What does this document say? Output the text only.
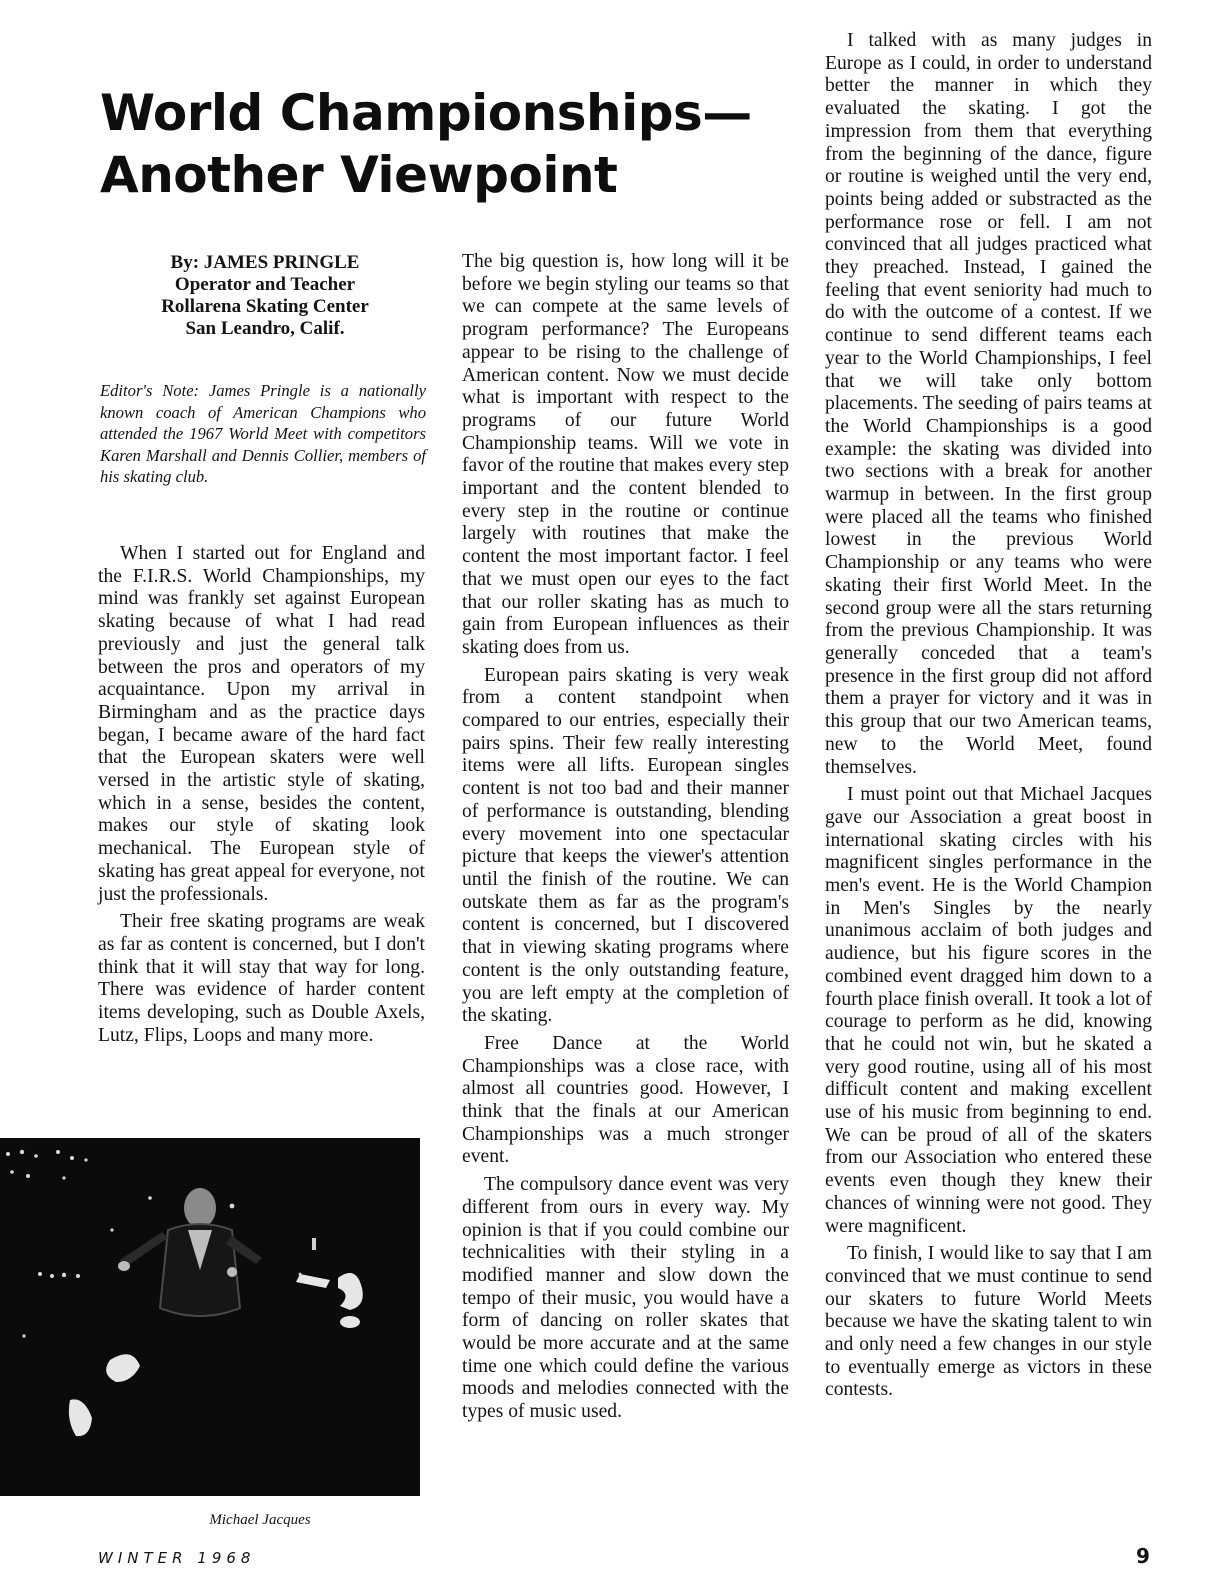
World Championships—
Another Viewpoint
By: JAMES PRINGLE
Operator and Teacher
Rollarena Skating Center
San Leandro, Calif.

Editor's Note: James Pringle is a nationally known coach of American Champions who attended the 1967 World Meet with competitors Karen Marshall and Dennis Collier, members of his skating club.

When I started out for England and the F.I.R.S. World Championships, my mind was frankly set against European skating because of what I had read previously and just the general talk between the pros and operators of my acquaintance. Upon my arrival in Birmingham and as the practice days began, I became aware of the hard fact that the European skaters were well versed in the artistic style of skating, which in a sense, besides the content, makes our style of skating look mechanical. The European style of skating has great appeal for everyone, not just the professionals.

Their free skating programs are weak as far as content is concerned, but I don't think that it will stay that way for long. There was evidence of harder content items developing, such as Double Axels, Lutz, Flips, Loops and many more.

The big question is, how long will it be before we begin styling our teams so that we can compete at the same levels of program performance? The Europeans appear to be rising to the challenge of American content. Now we must decide what is important with respect to the programs of our future World Championship teams. Will we vote in favor of the routine that makes every step important and the content blended to every step in the routine or continue largely with routines that make the content the most important factor. I feel that we must open our eyes to the fact that our roller skating has as much to gain from European influences as their skating does from us.

European pairs skating is very weak from a content standpoint when compared to our entries, especially their pairs spins. Their few really interesting items were all lifts. European singles content is not too bad and their manner of performance is outstanding, blending every movement into one spectacular picture that keeps the viewer's attention until the finish of the routine. We can outskate them as far as the program's content is concerned, but I discovered that in viewing skating programs where content is the only outstanding feature, you are left empty at the completion of the skating.

Free Dance at the World Championships was a close race, with almost all countries good. However, I think that the finals at our American Championships was a much stronger event.

The compulsory dance event was very different from ours in every way. My opinion is that if you could combine our technicalities with their styling in a modified manner and slow down the tempo of their music, you would have a form of dancing on roller skates that would be more accurate and at the same time one which could define the various moods and melodies connected with the types of music used.

I talked with as many judges in Europe as I could, in order to understand better the manner in which they evaluated the skating. I got the impression from them that everything from the beginning of the dance, figure or routine is weighed until the very end, points being added or substracted as the performance rose or fell. I am not convinced that all judges practiced what they preached. Instead, I gained the feeling that event seniority had much to do with the outcome of a contest. If we continue to send different teams each year to the World Championships, I feel that we will take only bottom placements. The seeding of pairs teams at the World Championships is a good example: the skating was divided into two sections with a break for another warmup in between. In the first group were placed all the teams who finished lowest in the previous World Championship or any teams who were skating their first World Meet. In the second group were all the stars returning from the previous Championship. It was generally conceded that a team's presence in the first group did not afford them a prayer for victory and it was in this group that our two American teams, new to the World Meet, found themselves.

I must point out that Michael Jacques gave our Association a great boost in international skating circles with his magnificent singles performance in the men's event. He is the World Champion in Men's Singles by the nearly unanimous acclaim of both judges and audience, but his figure scores in the combined event dragged him down to a fourth place finish overall. It took a lot of courage to perform as he did, knowing that he could not win, but he skated a very good routine, using all of his most difficult content and making excellent use of his music from beginning to end. We can be proud of all of the skaters from our Association who entered these events even though they knew their chances of winning were not good. They were magnificent.

To finish, I would like to say that I am convinced that we must continue to send our skaters to future World Meets because we have the skating talent to win and only need a few changes in our style to eventually emerge as victors in these contests.

Michael Jacques
WINTER 1968	9
